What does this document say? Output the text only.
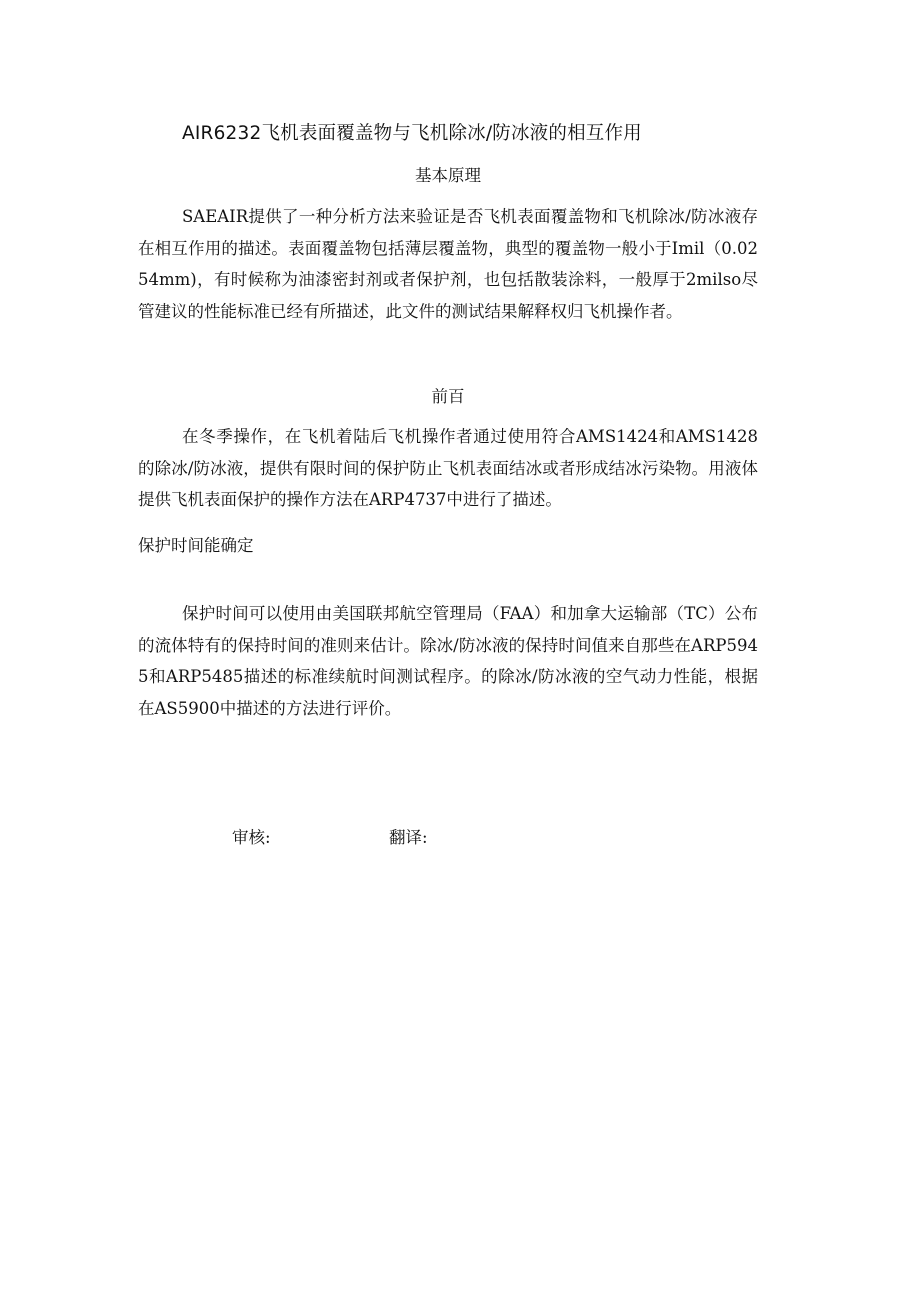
AIR6232飞机表面覆盖物与飞机除冰/防冰液的相互作用
基本原理
SAEAIR提供了一种分析方法来验证是否飞机表面覆盖物和飞机除冰/防冰液存在相互作用的描述。表面覆盖物包括薄层覆盖物，典型的覆盖物一般小于Imil（0.0254mm)，有时候称为油漆密封剂或者保护剂，也包括散装涂料，一般厚于2milso尽管建议的性能标准已经有所描述，此文件的测试结果解释权归飞机操作者。
前百
在冬季操作，在飞机着陆后飞机操作者通过使用符合AMS1424和AMS1428的除冰/防冰液，提供有限时间的保护防止飞机表面结冰或者形成结冰污染物。用液体提供飞机表面保护的操作方法在ARP4737中进行了描述。
保护时间能确定
保护时间可以使用由美国联邦航空管理局（FAA）和加拿大运输部（TC）公布的流体特有的保持时间的准则来估计。除冰/防冰液的保持时间值来自那些在ARP5945和ARP5485描述的标准续航时间测试程序。的除冰/防冰液的空气动力性能，根据在AS5900中描述的方法进行评价。
审核:	翻译:
